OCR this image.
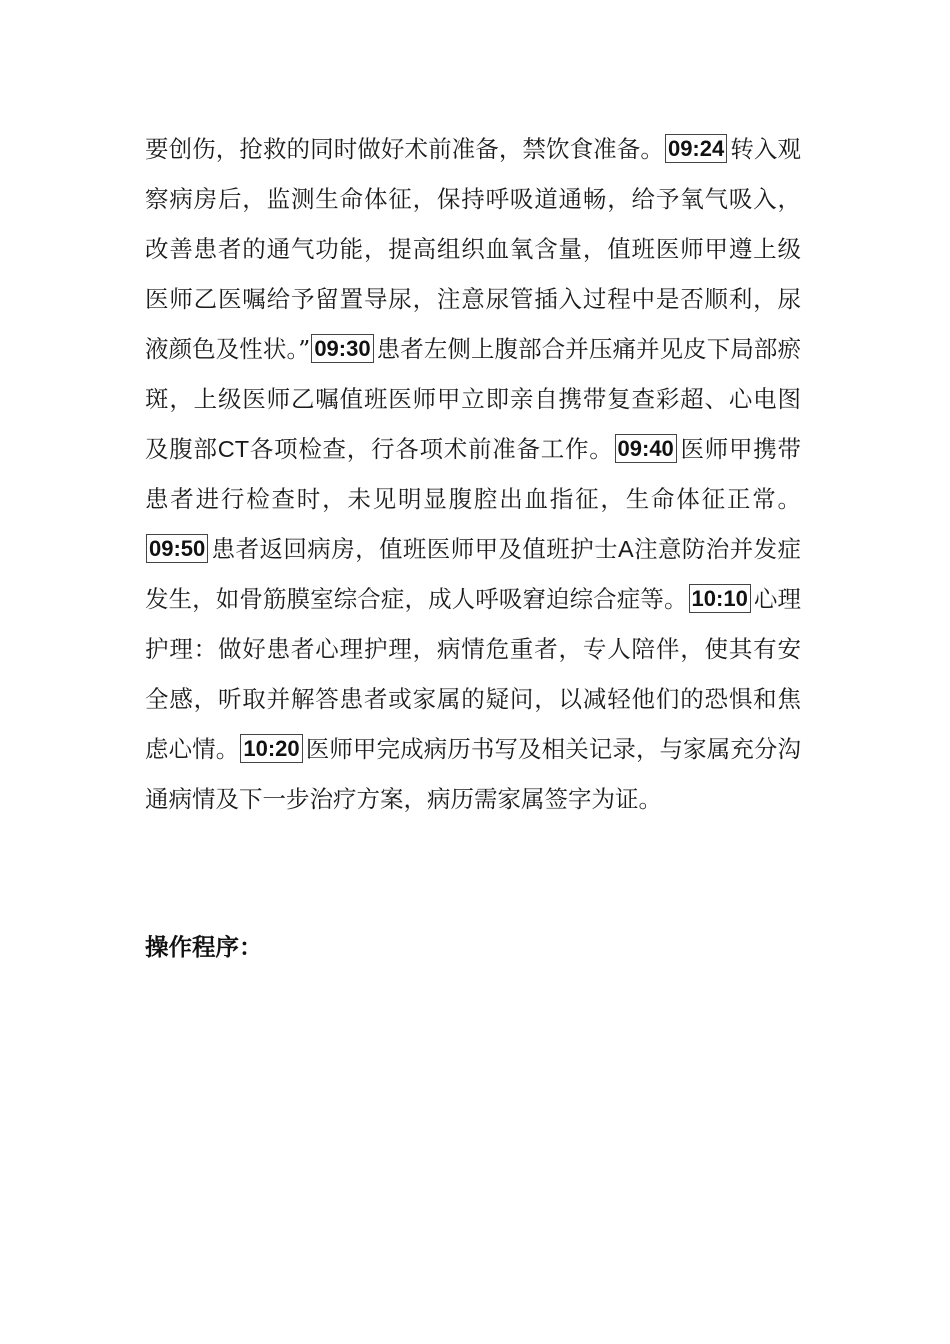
要创伤，抢救的同时做好术前准备，禁饮食准备。 09:24 转入观察病房后，监测生命体征，保持呼吸道通畅，给予氧气吸入，改善患者的通气功能，提高组织血氧含量，值班医师甲遵上级医师乙医嘱给予留置导尿，注意尿管插入过程中是否顺利，尿液颜色及性状。” 09:30 患者左侧上腹部合并压痛并见皮下局部瘀斑，上级医师乙嘱值班医师甲立即亲自携带复查彩超、心电图及腹部CT各项检查，行各项术前准备工作。 09:40 医师甲携带患者进行检查时，未见明显腹腔出血指征，生命体征正常。09:50 患者返回病房，值班医师甲及值班护士A注意防治并发症发生，如骨筋膜室综合症，成人呼吸窘迫综合症等。 10:10 心理护理：做好患者心理护理，病情危重者，专人陪伴，使其有安全感，听取并解答患者或家属的疑问，以减轻他们的恐惧和焦虑心情。 10:20 医师甲完成病历书写及相关记录，与家属充分沟通病情及下一步治疗方案，病历需家属签字为证。

操作程序：
